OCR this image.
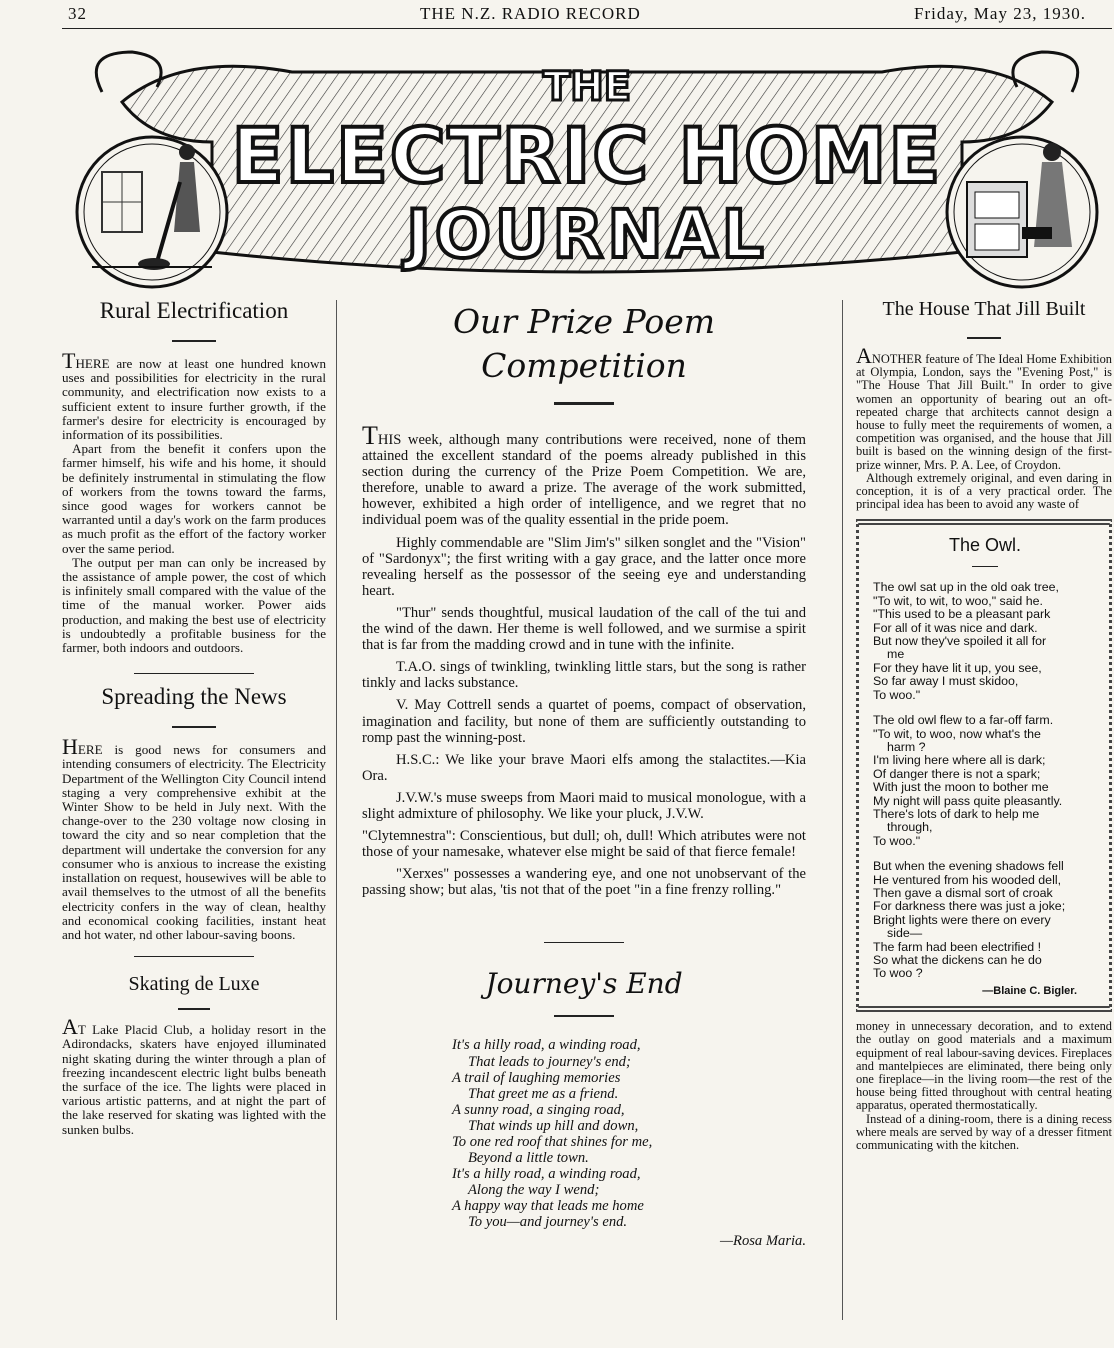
32	THE N.Z. RADIO RECORD	Friday, May 23, 1930.
THE
ELECTRIC HOME
JOURNAL
Rural Electrification

THERE are now at least one hundred known uses and possibilities for electricity in the rural community, and electrification now exists to a sufficient extent to insure further growth, if the farmer's desire for electricity is encouraged by information of its possibilities.

Apart from the benefit it confers upon the farmer himself, his wife and his home, it should be definitely instrumental in stimulating the flow of workers from the towns toward the farms, since good wages for workers cannot be warranted until a day's work on the farm produces as much profit as the effort of the factory worker over the same period.

The output per man can only be increased by the assistance of ample power, the cost of which is infinitely small compared with the value of the time of the manual worker. Power aids production, and making the best use of electricity is undoubtedly a profitable business for the farmer, both indoors and outdoors.

Spreading the News

HERE is good news for consumers and intending consumers of electricity. The Electricity Department of the Wellington City Council intend staging a very comprehensive exhibit at the Winter Show to be held in July next. With the change-over to the 230 voltage now closing in toward the city and so near completion that the department will undertake the conversion for any consumer who is anxious to increase the existing installation on request, housewives will be able to avail themselves to the utmost of all the benefits electricity confers in the way of clean, healthy and economical cooking facilities, instant heat and hot water, nd other labour-saving boons.

Skating de Luxe

AT Lake Placid Club, a holiday resort in the Adirondacks, skaters have enjoyed illuminated night skating during the winter through a plan of freezing incandescent electric light bulbs beneath the surface of the ice. The lights were placed in various artistic patterns, and at night the part of the lake reserved for skating was lighted with the sunken bulbs.

Our Prize Poem Competition

THIS week, although many contributions were received, none of them attained the excellent standard of the poems already published in this section during the currency of the Prize Poem Competition. We are, therefore, unable to award a prize. The average of the work submitted, however, exhibited a high order of intelligence, and we regret that no individual poem was of the quality essential in the pride poem.

Highly commendable are "Slim Jim's" silken songlet and the "Vision" of "Sardonyx"; the first writing with a gay grace, and the latter once more revealing herself as the possessor of the seeing eye and understanding heart.

"Thur" sends thoughtful, musical laudation of the call of the tui and the wind of the dawn. Her theme is well followed, and we surmise a spirit that is far from the madding crowd and in tune with the infinite.

T.A.O. sings of twinkling, twinkling little stars, but the song is rather tinkly and lacks substance.

V. May Cottrell sends a quartet of poems, compact of observation, imagination and facility, but none of them are sufficiently outstanding to romp past the winning-post.

H.S.C.: We like your brave Maori elfs among the stalactites.—Kia Ora.

J.V.W.'s muse sweeps from Maori maid to musical monologue, with a slight admixture of philosophy. We like your pluck, J.V.W.

"Clytemnestra": Conscientious, but dull; oh, dull! Which atributes were not those of your namesake, whatever else might be said of that fierce female!

"Xerxes" possesses a wandering eye, and one not unobservant of the passing show; but alas, 'tis not that of the poet "in a fine frenzy rolling."

Journey's End
It's a hilly road, a winding road,
That leads to journey's end;
A trail of laughing memories
That greet me as a friend.
A sunny road, a singing road,
That winds up hill and down,
To one red roof that shines for me,
Beyond a little town.
It's a hilly road, a winding road,
Along the way I wend;
A happy way that leads me home
To you—and journey's end.
—Rosa Maria.
The House That Jill Built

ANOTHER feature of The Ideal Home Exhibition at Olympia, London, says the "Evening Post," is "The House That Jill Built." In order to give women an opportunity of bearing out an oft-repeated charge that architects cannot design a house to fully meet the requirements of women, a competition was organised, and the house that Jill built is based on the winning design of the first-prize winner, Mrs. P. A. Lee, of Croydon.

Although extremely original, and even daring in conception, it is of a very practical order. The principal idea has been to avoid any waste of

The Owl.
The owl sat up in the old oak tree,
"To wit, to wit, to woo," said he.
"This used to be a pleasant park
For all of it was nice and dark.
But now they've spoiled it all for
me
For they have lit it up, you see,
So far away I must skidoo,
To woo."
The old owl flew to a far-off farm.
"To wit, to woo, now what's the
harm ?
I'm living here where all is dark;
Of danger there is not a spark;
With just the moon to bother me
My night will pass quite pleasantly.
There's lots of dark to help me
through,
To woo."
But when the evening shadows fell
He ventured from his wooded dell,
Then gave a dismal sort of croak
For darkness there was just a joke;
Bright lights were there on every
side—
The farm had been electrified !
So what the dickens can he do
To woo ?
—Blaine C. Bigler.

money in unnecessary decoration, and to extend the outlay on good materials and a maximum equipment of real labour-saving devices. Fireplaces and mantelpieces are eliminated, there being only one fireplace—in the living room—the rest of the house being fitted throughout with central heating apparatus, operated thermostatically.

Instead of a dining-room, there is a dining recess where meals are served by way of a dresser fitment communicating with the kitchen.
